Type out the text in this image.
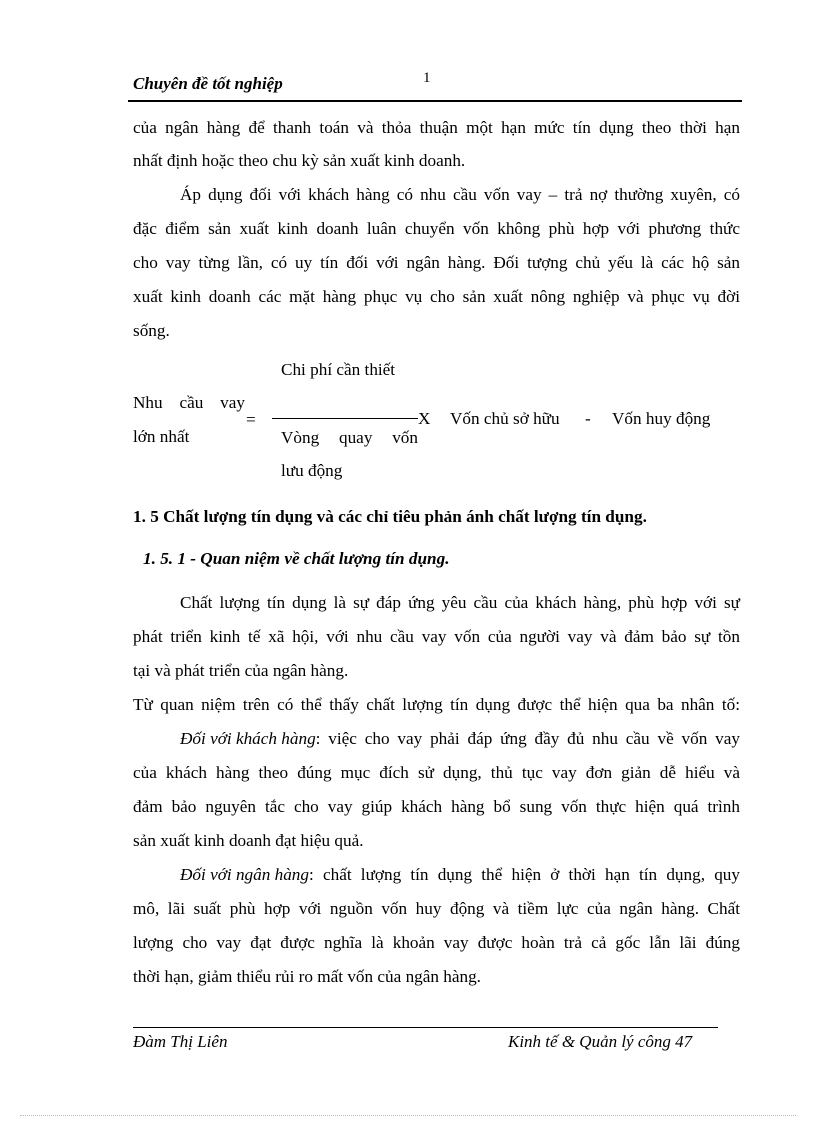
Chuyên đề tốt nghiệp	1
của ngân hàng để thanh toán và thỏa thuận một hạn mức tín dụng theo thời hạn
nhất định hoặc theo chu kỳ sản xuất kinh doanh.
Áp dụng đối với khách hàng có nhu cầu vốn vay – trả nợ thường xuyên, có
đặc điểm sản xuất kinh doanh luân chuyển vốn không phù hợp với phương thức
cho vay từng lần, có uy tín đối với ngân hàng. Đối tượng chủ yếu là các hộ sản
xuất kinh doanh các mặt hàng phục vụ cho sản xuất nông nghiệp và phục vụ đời
sống.
Chi phí cần thiết
Nhu cầu vay
lớn nhất
=	X Vốn chủ sở hữu - Vốn huy động
Vòng quay vốn
lưu động
1. 5 Chất lượng tín dụng và các chỉ tiêu phản ánh chất lượng tín dụng.
1. 5. 1 - Quan niệm về chất lượng tín dụng.
Chất lượng tín dụng là sự đáp ứng yêu cầu của khách hàng, phù hợp với sự
phát triển kinh tế xã hội, với nhu cầu vay vốn của người vay và đảm bảo sự tồn
tại và phát triển của ngân hàng.
Từ quan niệm trên có thể thấy chất lượng tín dụng được thể hiện qua ba nhân tố:
Đối với khách hàng : việc cho vay phải đáp ứng đầy đủ nhu cầu về vốn vay
của khách hàng theo đúng mục đích sử dụng, thủ tục vay đơn giản dễ hiểu và
đảm bảo nguyên tắc cho vay giúp khách hàng bổ sung vốn thực hiện quá trình
sản xuất kinh doanh đạt hiệu quả.
Đối với ngân hàng : chất lượng tín dụng thể hiện ở thời hạn tín dụng, quy
mô, lãi suất phù hợp với nguồn vốn huy động và tiềm lực của ngân hàng. Chất
lượng cho vay đạt được nghĩa là khoản vay được hoàn trả cả gốc lẫn lãi đúng
thời hạn, giảm thiểu rủi ro mất vốn của ngân hàng.
Đàm Thị Liên	Kinh tế & Quản lý công 47
